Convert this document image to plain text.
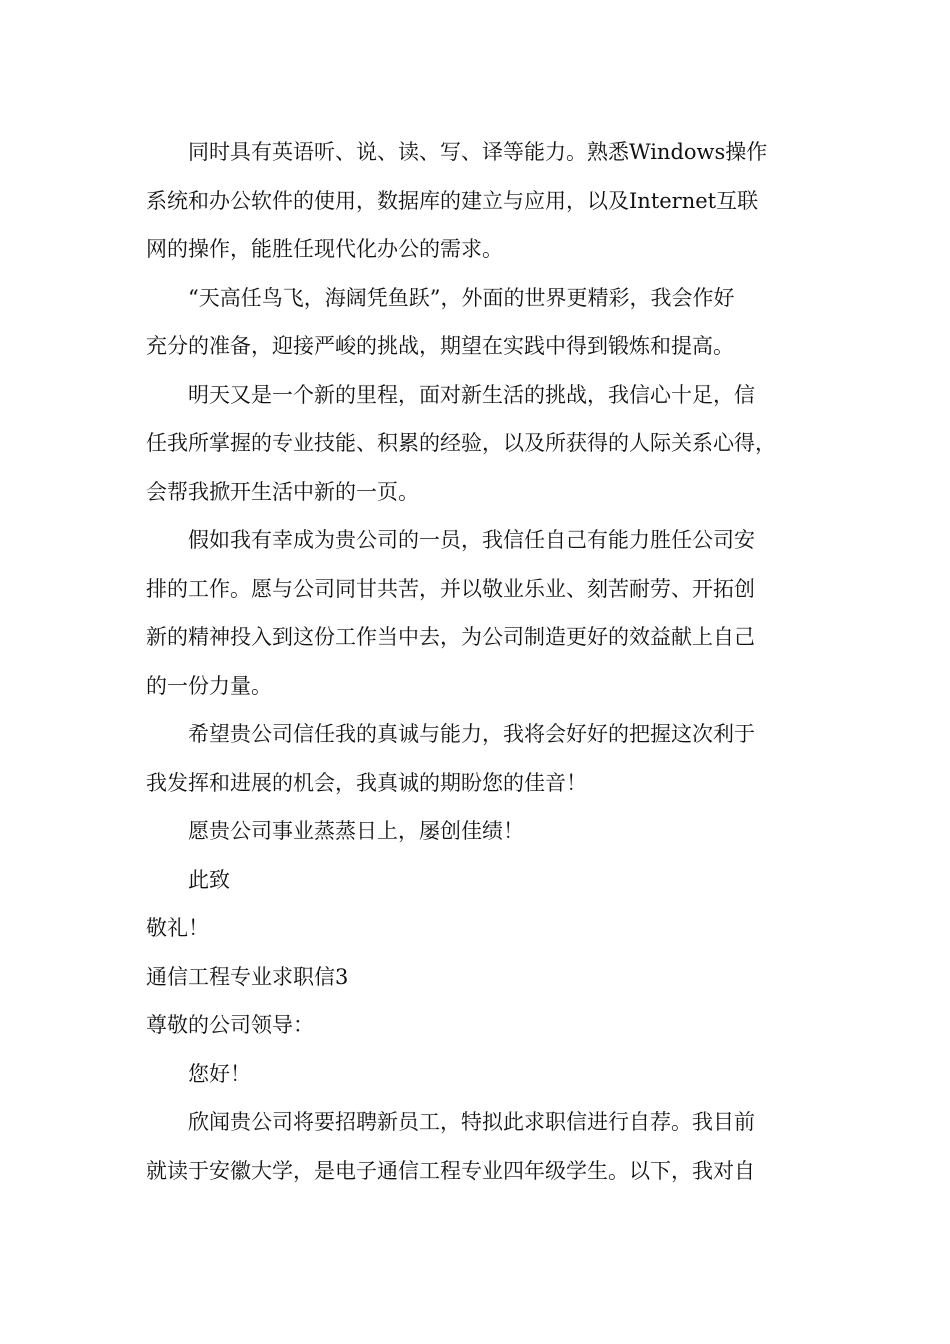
同时具有英语听、说、读、写、译等能力。熟悉Windows操作
系统和办公软件的使用，数据库的建立与应用，以及Internet互联
网的操作，能胜任现代化办公的需求。

“天高任鸟飞，海阔凭鱼跃”，外面的世界更精彩，我会作好
充分的准备，迎接严峻的挑战，期望在实践中得到锻炼和提高。

明天又是一个新的里程，面对新生活的挑战，我信心十足，信
任我所掌握的专业技能、积累的经验，以及所获得的人际关系心得，
会帮我掀开生活中新的一页。

假如我有幸成为贵公司的一员，我信任自己有能力胜任公司安
排的工作。愿与公司同甘共苦，并以敬业乐业、刻苦耐劳、开拓创
新的精神投入到这份工作当中去，为公司制造更好的效益献上自己
的一份力量。

希望贵公司信任我的真诚与能力，我将会好好的把握这次利于
我发挥和进展的机会，我真诚的期盼您的佳音！

愿贵公司事业蒸蒸日上，屡创佳绩！

此致

敬礼！

通信工程专业求职信3

尊敬的公司领导：

您好！

欣闻贵公司将要招聘新员工，特拟此求职信进行自荐。我目前
就读于安徽大学，是电子通信工程专业四年级学生。以下，我对自
